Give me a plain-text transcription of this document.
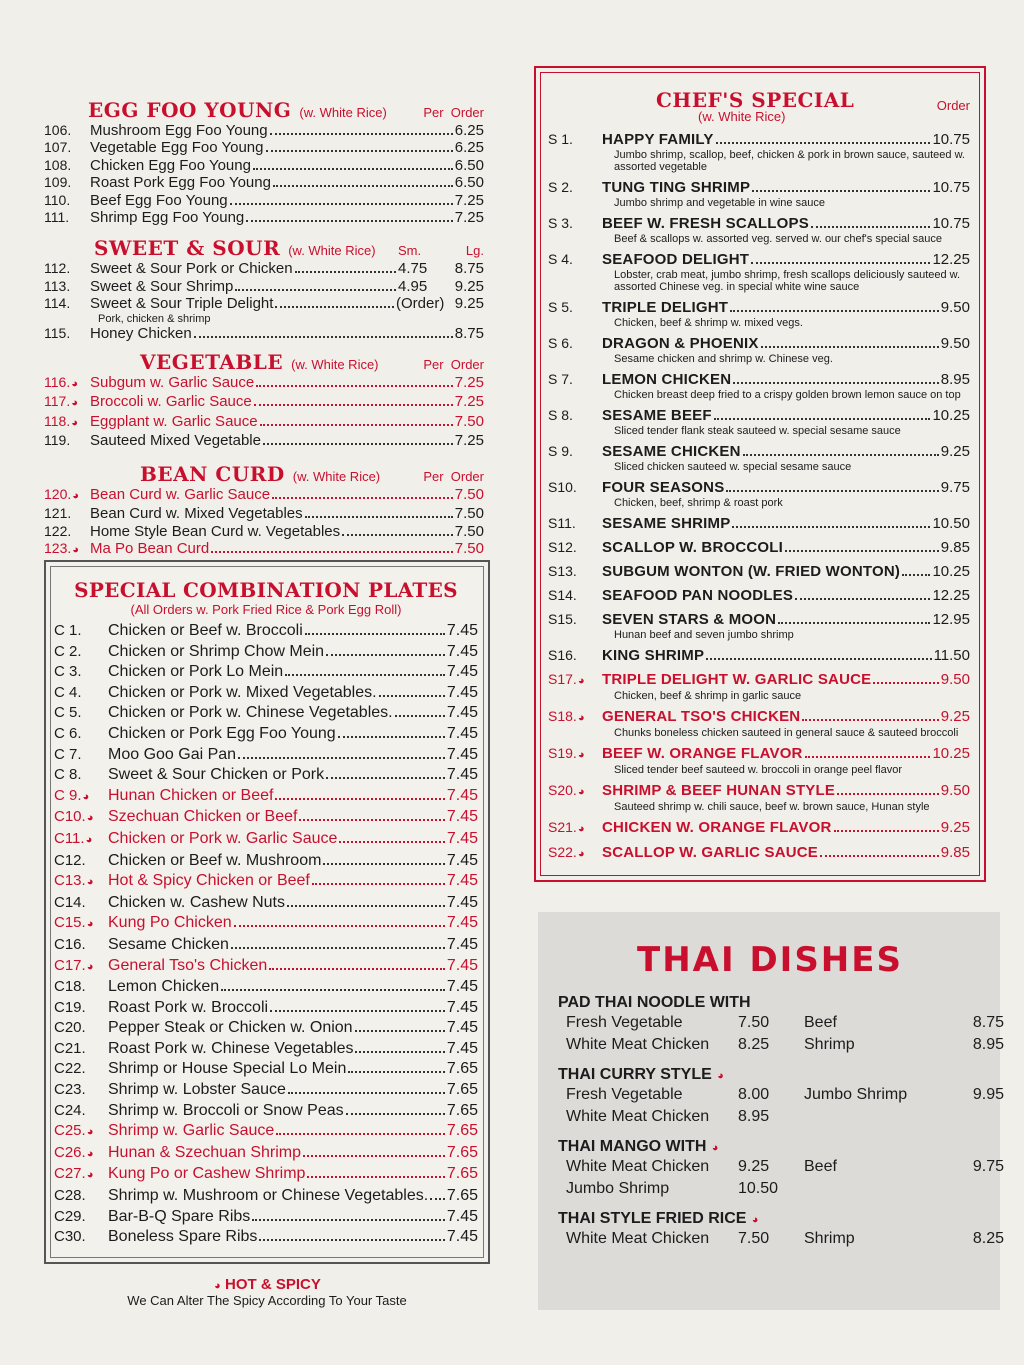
EGG FOO YOUNG (w. White Rice)	Per  Order
106.	Mushroom Egg Foo Young	6.25
107.	Vegetable Egg Foo Young	6.25
108.	Chicken Egg Foo Young	6.50
109.	Roast Pork Egg Foo Young	6.50
110.	Beef Egg Foo Young	7.25
111.	Shrimp Egg Foo Young	7.25
SWEET & SOUR (w. White Rice) Sm.	Lg.
112.	Sweet & Sour Pork or Chicken	4.75 8.75
113.	Sweet & Sour Shrimp	4.95 9.25
114.	Sweet & Sour Triple Delight	(Order) 9.25
Pork, chicken & shrimp
115.	Honey Chicken	8.75
VEGETABLE (w. White Rice)	Per  Order
116.◕ Subgum w. Garlic Sauce	7.25
117.◕ Broccoli w. Garlic Sauce	7.25
118.◕ Eggplant w. Garlic Sauce	7.50
119.	Sauteed Mixed Vegetable	7.25
BEAN CURD (w. White Rice)	Per  Order
120.◕ Bean Curd w. Garlic Sauce	7.50
121.	Bean Curd w. Mixed Vegetables	7.50
122.	Home Style Bean Curd w. Vegetables	7.50
123.◕ Ma Po Bean Curd	7.50
SPECIAL COMBINATION PLATES
(All Orders w. Pork Fried Rice & Pork Egg Roll)
C 1.	Chicken or Beef w. Broccoli	7.45
C 2.	Chicken or Shrimp Chow Mein	7.45
C 3.	Chicken or Pork Lo Mein	7.45
C 4.	Chicken or Pork w. Mixed Vegetables.	7.45
C 5.	Chicken or Pork w. Chinese Vegetables.	7.45
C 6.	Chicken or Pork Egg Foo Young	7.45
C 7.	Moo Goo Gai Pan	7.45
C 8.	Sweet & Sour Chicken or Pork	7.45
C 9.◕	Hunan Chicken or Beef	7.45
C10.◕ Szechuan Chicken or Beef	7.45
C11.◕ Chicken or Pork w. Garlic Sauce	7.45
C12.	Chicken or Beef w. Mushroom	7.45
C13.◕ Hot & Spicy Chicken or Beef	7.45
C14.	Chicken w. Cashew Nuts	7.45
C15.◕ Kung Po Chicken	7.45
C16.	Sesame Chicken	7.45
C17.◕ General Tso's Chicken	7.45
C18.	Lemon Chicken	7.45
C19.	Roast Pork w. Broccoli	7.45
C20.	Pepper Steak or Chicken w. Onion	7.45
C21.	Roast Pork w. Chinese Vegetables	7.45
C22.	Shrimp or House Special Lo Mein	7.65
C23.	Shrimp w. Lobster Sauce	7.65
C24.	Shrimp w. Broccoli or Snow Peas	7.65
C25.◕ Shrimp w. Garlic Sauce	7.65
C26.◕ Hunan & Szechuan Shrimp	7.65
C27.◕ Kung Po or Cashew Shrimp	7.65
C28.	Shrimp w. Mushroom or Chinese Vegetables. 7.65
C29.	Bar-B-Q Spare Ribs	7.45
C30.	Boneless Spare Ribs	7.45
◕ HOT & SPICY
We Can Alter The Spicy According To Your Taste
CHEF'S SPECIAL	Order
(w. White Rice)
S 1.	HAPPY FAMILY	10.75
Jumbo shrimp, scallop, beef, chicken & pork in brown sauce, sauteed w. assorted vegetable
S 2.	TUNG TING SHRIMP	10.75
Jumbo shrimp and vegetable in wine sauce
S 3.	BEEF W. FRESH SCALLOPS	10.75
Beef & scallops w. assorted veg. served w. our chef's special sauce
S 4.	SEAFOOD DELIGHT	12.25
Lobster, crab meat, jumbo shrimp, fresh scallops deliciously sauteed w. assorted Chinese veg. in special white wine sauce
S 5.	TRIPLE DELIGHT	9.50
Chicken, beef & shrimp w. mixed vegs.
S 6.	DRAGON & PHOENIX	9.50
Sesame chicken and shrimp w. Chinese veg.
S 7.	LEMON CHICKEN	8.95
Chicken breast deep fried to a crispy golden brown lemon sauce on top
S 8.	SESAME BEEF	10.25
Sliced tender flank steak sauteed w. special sesame sauce
S 9.	SESAME CHICKEN	9.25
Sliced chicken sauteed w. special sesame sauce
S10.	FOUR SEASONS	9.75
Chicken, beef, shrimp & roast pork
S11.	SESAME SHRIMP	10.50
S12.	SCALLOP W. BROCCOLI	9.85
S13.	SUBGUM WONTON (W. FRIED WONTON) 10.25
S14.	SEAFOOD PAN NOODLES	12.25
S15.	SEVEN STARS & MOON	12.95
Hunan beef and seven jumbo shrimp
S16.	KING SHRIMP	11.50
S17.◕	TRIPLE DELIGHT W. GARLIC SAUCE	9.50
Chicken, beef & shrimp in garlic sauce
S18.◕	GENERAL TSO'S CHICKEN	9.25
Chunks boneless chicken sauteed in general sauce & sauteed broccoli
S19.◕	BEEF W. ORANGE FLAVOR	10.25
Sliced tender beef sauteed w. broccoli in orange peel flavor
S20.◕	SHRIMP & BEEF HUNAN STYLE	9.50
Sauteed shrimp w. chili sauce, beef w. brown sauce, Hunan style
S21.◕	CHICKEN W. ORANGE FLAVOR	9.25
S22.◕	SCALLOP W. GARLIC SAUCE	9.85
THAI DISHES
PAD THAI NOODLE WITH
Fresh Vegetable	7.50	Beef	8.75
White Meat Chicken	8.25	Shrimp	8.95
THAI CURRY STYLE ◕
Fresh Vegetable	8.00	Jumbo Shrimp	9.95
White Meat Chicken	8.95
THAI MANGO WITH ◕
White Meat Chicken	9.25	Beef	9.75
Jumbo Shrimp	10.50
THAI STYLE FRIED RICE ◕
White Meat Chicken	7.50	Shrimp	8.25
